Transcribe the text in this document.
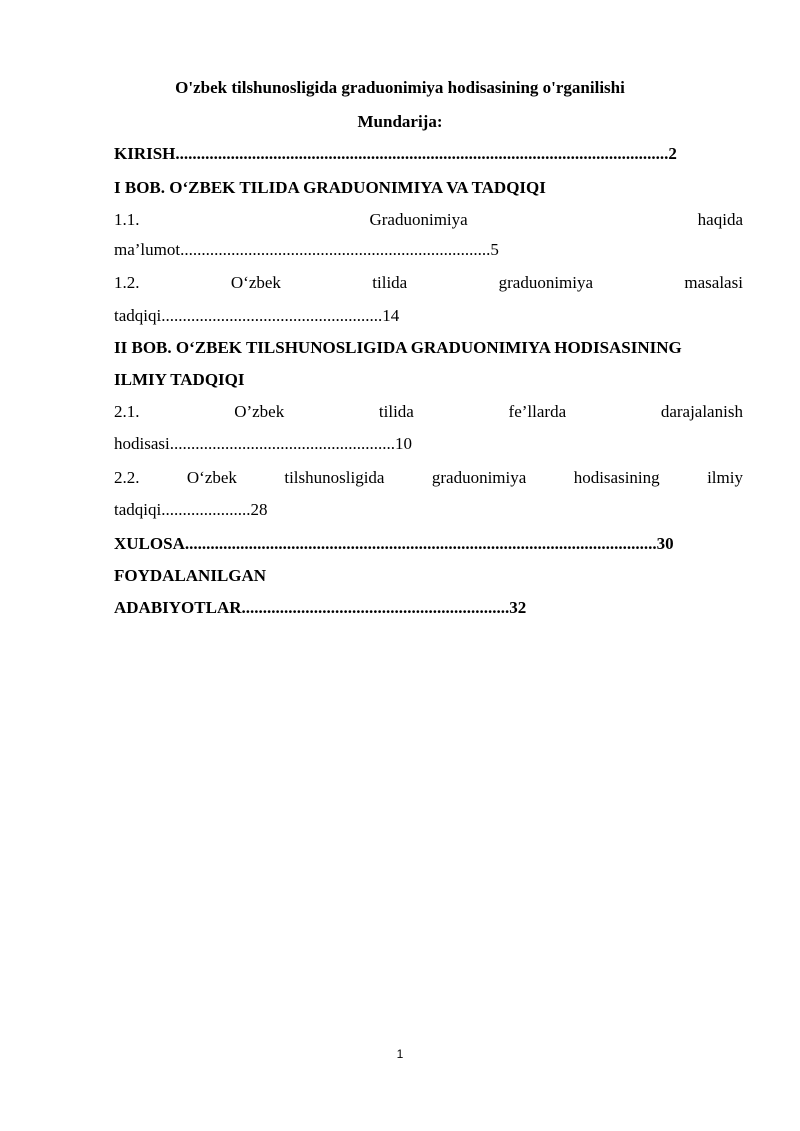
O'zbek tilshunosligida graduonimiya hodisasining o'rganilishi
Mundarija:
KIRISH....................................................................................................................2
I BOB. O‘ZBEK TILIDA GRADUONIMIYA VA TADQIQI
1.1.	Graduonimiya	haqida
ma’lumot.........................................................................5
1.2.	O‘zbek	tilida	graduonimiya	masalasi
tadqiqi....................................................14
II BOB. O‘ZBEK TILSHUNOSLIGIDA GRADUONIMIYA HODISASINING
ILMIY TADQIQI
2.1.	O’zbek	tilida	fe’llarda	darajalanish
hodisasi.....................................................10
2.2.	O‘zbek	tilshunosligida	graduonimiya	hodisasining	ilmiy
tadqiqi.....................28
XULOSA...............................................................................................................30
FOYDALANILGAN
ADABIYOTLAR...............................................................32
1
